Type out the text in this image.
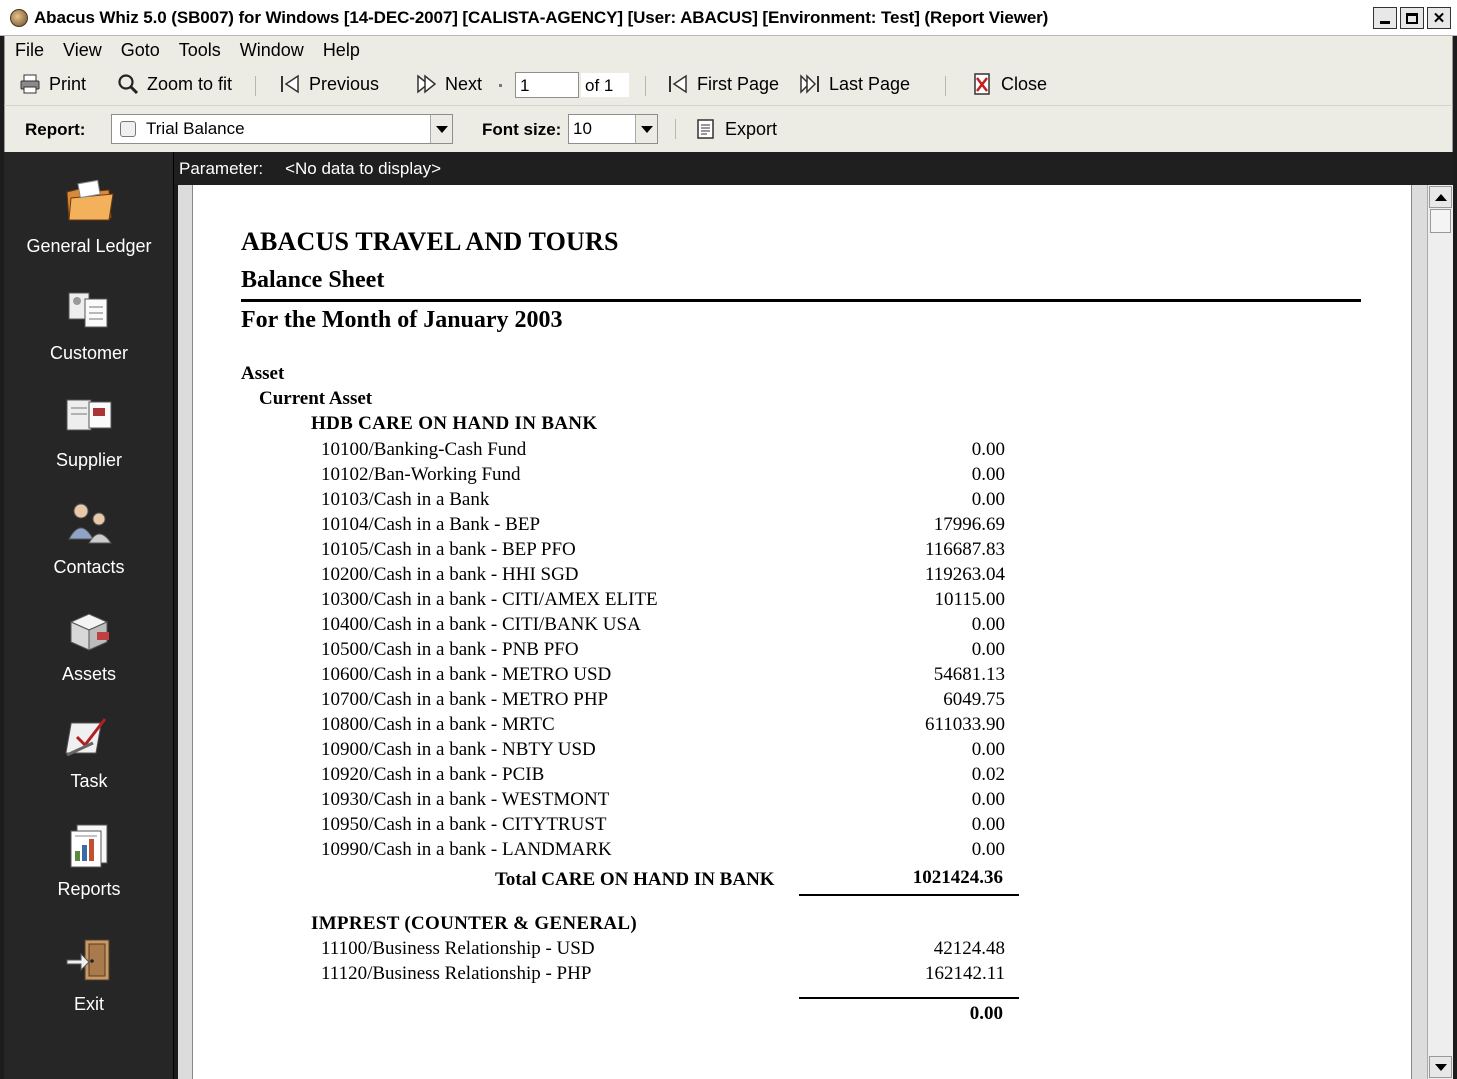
Abacus Whiz 5.0 (SB007) for Windows [14-DEC-2007] [CALISTA-AGENCY] [User: ABACUS] [Environment: Test] (Report Viewer)	✕
File	View	Goto	Tools	Window	Help
Print	Zoom to fit	Previous	Next 1	of 1	First Page	Last Page	Close
Report:	Trial Balance	Font size: 10	Export
General Ledger
Customer
Supplier
Contacts
Assets
Task
Reports
Exit
Parameter: <No data to display>
ABACUS TRAVEL AND TOURS
Balance Sheet
For the Month of January 2003
Asset
Current Asset
HDB CARE ON HAND IN BANK
10100/Banking-Cash Fund	0.00
10102/Ban-Working Fund	0.00
10103/Cash in a Bank	0.00
10104/Cash in a Bank - BEP	17996.69
10105/Cash in a bank - BEP PFO	116687.83
10200/Cash in a bank - HHI SGD	119263.04
10300/Cash in a bank - CITI/AMEX ELITE	10115.00
10400/Cash in a bank - CITI/BANK USA	0.00
10500/Cash in a bank - PNB PFO	0.00
10600/Cash in a bank - METRO USD	54681.13
10700/Cash in a bank - METRO PHP	6049.75
10800/Cash in a bank - MRTC	611033.90
10900/Cash in a bank - NBTY USD	0.00
10920/Cash in a bank - PCIB	0.02
10930/Cash in a bank - WESTMONT	0.00
10950/Cash in a bank - CITYTRUST	0.00
10990/Cash in a bank - LANDMARK	0.00
Total CARE ON HAND IN BANK	1021424.36
IMPREST (COUNTER & GENERAL)
11100/Business Relationship - USD	42124.48
11120/Business Relationship - PHP	162142.11
0.00
